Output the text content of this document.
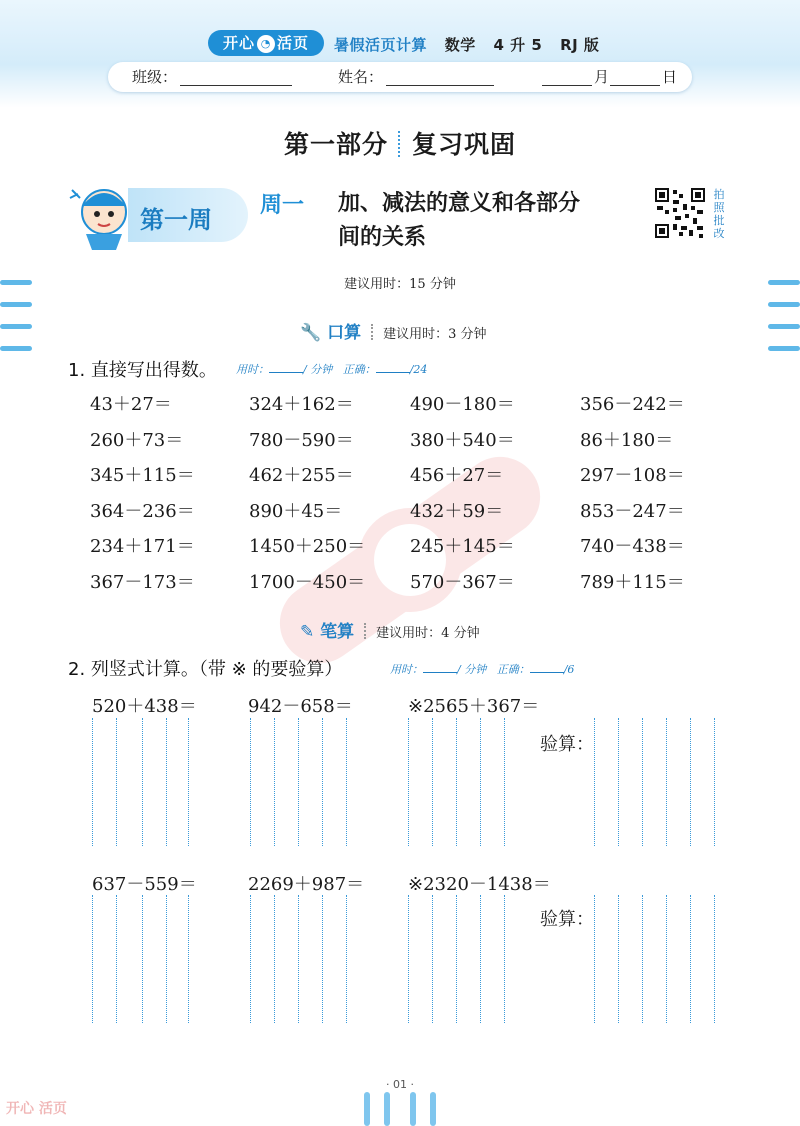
开心 ◔ 活页	暑假活页计算 数学 4 升 5 RJ 版
班级：	姓名：	月	日
第一部分 复习巩固
第一周 周一 加、减法的意义和各部分
间的关系
拍
照
批
改
建议用时：15 分钟
🔧 口算 建议用时：3 分钟
1. 直接写出得数。 用时：	/ 分钟 正确：	/24
43＋27＝	324＋162＝	490－180＝	356－242＝
260＋73＝	780－590＝	380＋540＝	86＋180＝
345＋115＝	462＋255＝	456＋27＝	297－108＝
364－236＝	890＋45＝	432＋59＝	853－247＝
234＋171＝	1450＋250＝ 245＋145＝	740－438＝
367－173＝	1700－450＝ 570－367＝	789＋115＝
✎ 笔算 建议用时：4 分钟
2. 列竖式计算。（带 ※ 的要验算）	用时：	/ 分钟 正确：	/6
520＋438＝	942－658＝	※2565＋367＝
验算：
637－559＝	2269＋987＝ ※2320－1438＝
验算：
· 01 ·
开心 活页
